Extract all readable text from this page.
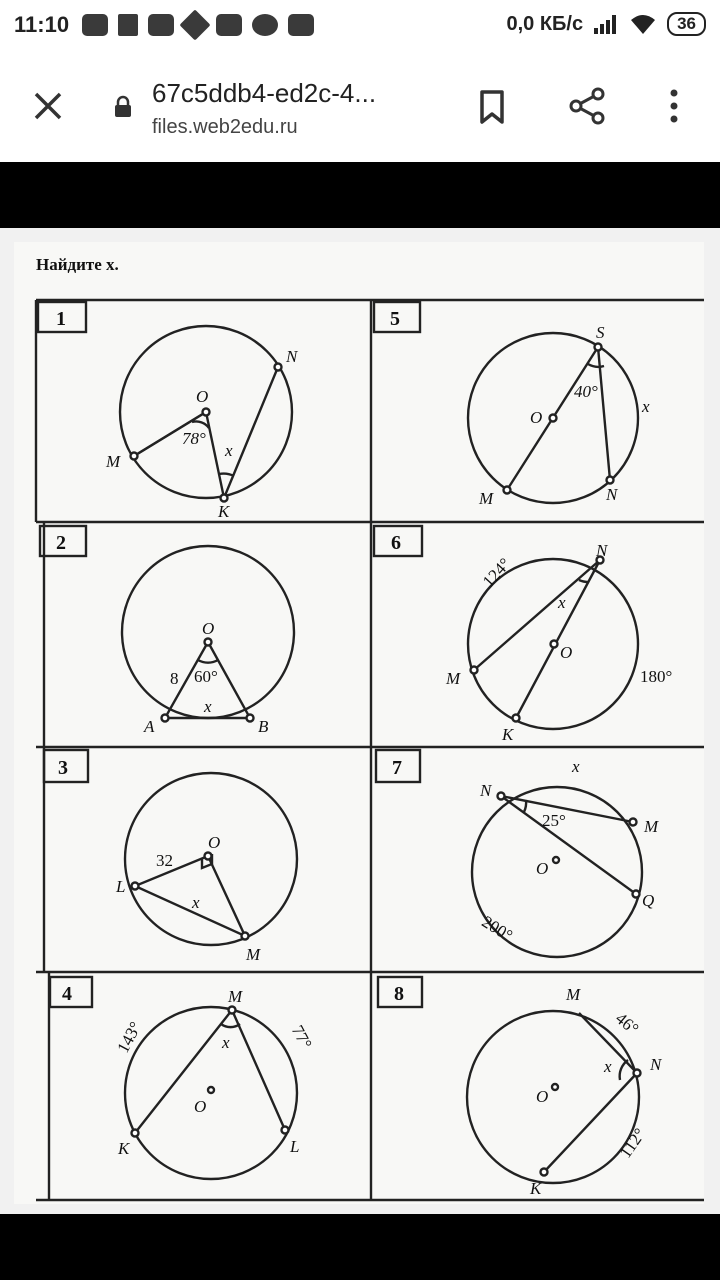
11:10	0,0 КБ/с	36
67c5ddb4-ed2c-4...
files.web2edu.ru
Найдите x.
1	5
2	6
3	7
4	8
O
M
N
K
78°
x
S
O
M	N
x
40°
O
A	B
8 60°
x
124°
N
x
O
M	180°
K
O
32
L
x
M
x
N
25°	M
O
Q
200°
M
143°	77°
x
O
K	L
M
46°
x N
O
112°
K
